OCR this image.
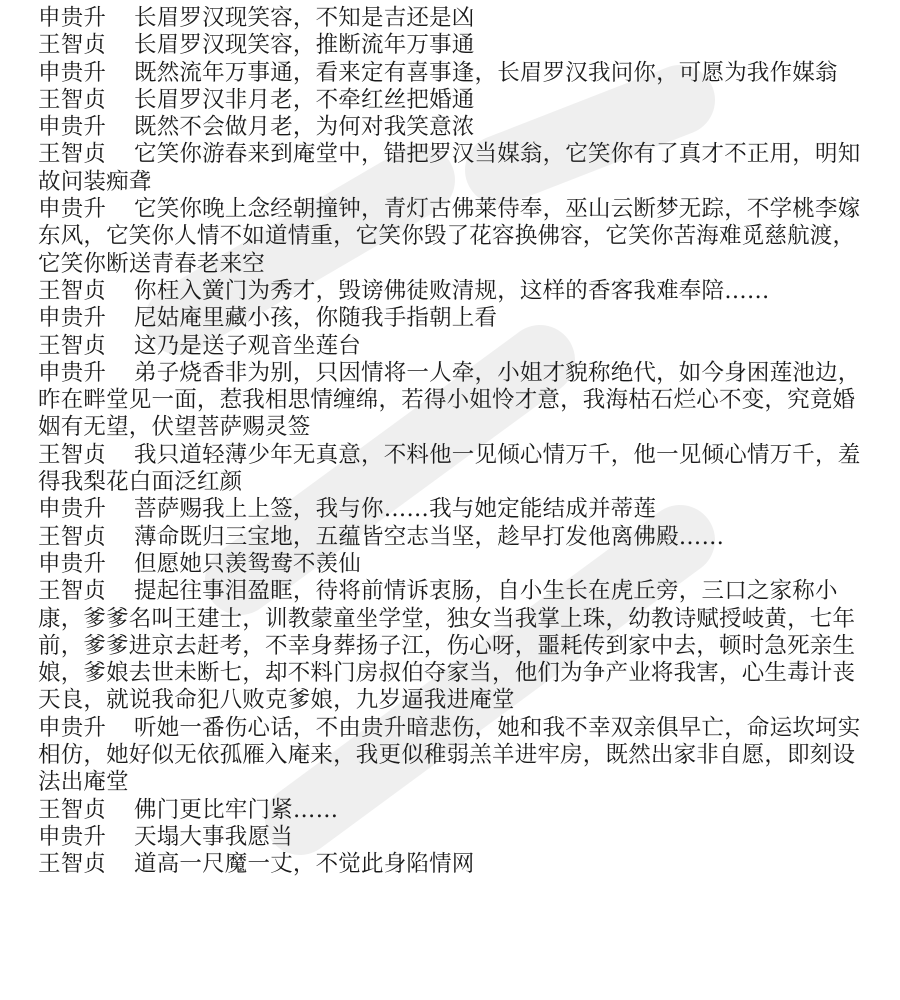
申贵升 长眉罗汉现笑容，不知是吉还是凶

王智贞 长眉罗汉现笑容，推断流年万事通

申贵升 既然流年万事通，看来定有喜事逢，长眉罗汉我问你，可愿为我作媒翁

王智贞 长眉罗汉非月老，不牵红丝把婚通

申贵升 既然不会做月老，为何对我笑意浓

王智贞 它笑你游春来到庵堂中，错把罗汉当媒翁，它笑你有了真才不正用，明知故问装痴聋

申贵升 它笑你晚上念经朝撞钟，青灯古佛莱侍奉，巫山云断梦无踪，不学桃李嫁东风，它笑你人情不如道情重，它笑你毁了花容换佛容，它笑你苦海难觅慈航渡，它笑你断送青春老来空

王智贞 你枉入黉门为秀才，毁谤佛徒败清规，这样的香客我难奉陪……

申贵升 尼姑庵里藏小孩，你随我手指朝上看

王智贞 这乃是送子观音坐莲台

申贵升 弟子烧香非为别，只因情将一人牵，小姐才貌称绝代，如今身困莲池边，昨在畔堂见一面，惹我相思情缠绵，若得小姐怜才意，我海枯石烂心不变，究竟婚姻有无望，伏望菩萨赐灵签

王智贞 我只道轻薄少年无真意，不料他一见倾心情万千，他一见倾心情万千，羞得我梨花白面泛红颜

申贵升 菩萨赐我上上签，我与你……我与她定能结成并蒂莲

王智贞 薄命既归三宝地，五蕴皆空志当坚，趁早打发他离佛殿……

申贵升 但愿她只羡鸳鸯不羡仙

王智贞 提起往事泪盈眶，待将前情诉衷肠，自小生长在虎丘旁，三口之家称小康，爹爹名叫王建士，训教蒙童坐学堂，独女当我掌上珠，幼教诗赋授岐黄，七年前，爹爹进京去赶考，不幸身葬扬子江，伤心呀，噩耗传到家中去，顿时急死亲生娘，爹娘去世未断七，却不料门房叔伯夺家当，他们为争产业将我害，心生毒计丧天良，就说我命犯八败克爹娘，九岁逼我进庵堂

申贵升 听她一番伤心话，不由贵升暗悲伤，她和我不幸双亲俱早亡，命运坎坷实相仿，她好似无依孤雁入庵来，我更似稚弱羔羊进牢房，既然出家非自愿，即刻设法出庵堂

王智贞 佛门更比牢门紧……

申贵升 天塌大事我愿当

王智贞 道高一尺魔一丈，不觉此身陷情网
